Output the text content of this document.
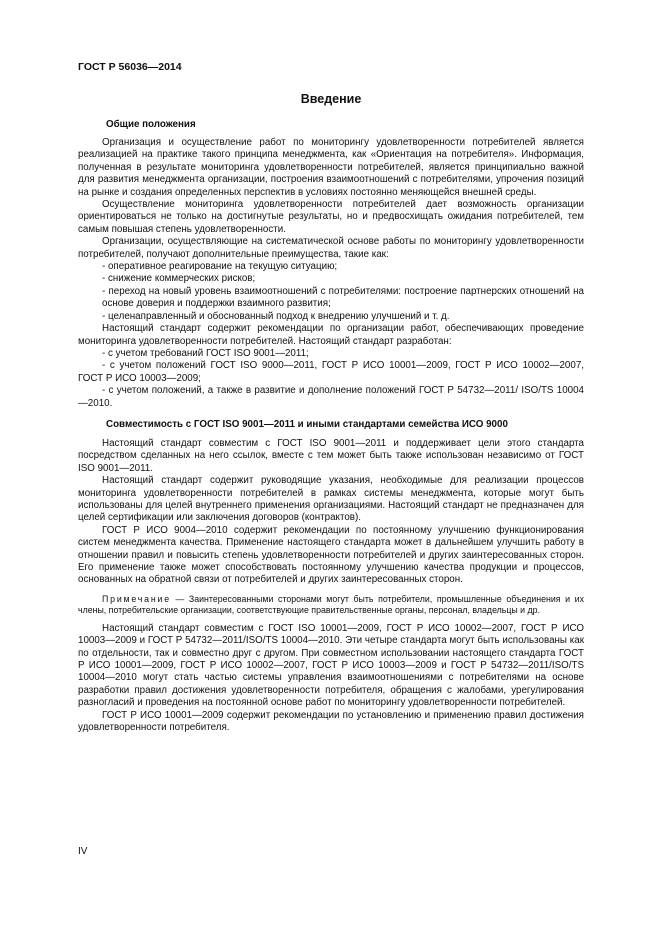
ГОСТ Р 56036—2014
Введение
Общие положения

Организация и осуществление работ по мониторингу удовлетворенности потребителей является реализацией на практике такого принципа менеджмента, как «Ориентация на потребителя». Информация, полученная в результате мониторинга удовлетворенности потребителей, является принципиально важной для развития менеджмента организации, построения взаимоотношений с потребителями, упрочения позиций на рынке и создания определенных перспектив в условиях постоянно меняющейся внешней среды.

Осуществление мониторинга удовлетворенности потребителей дает возможность организации ориентироваться не только на достигнутые результаты, но и предвосхищать ожидания потребителей, тем самым повышая степень удовлетворенности.

Организации, осуществляющие на систематической основе работы по мониторингу удовлетворенности потребителей, получают дополнительные преимущества, такие как:

- оперативное реагирование на текущую ситуацию;

- снижение коммерческих рисков;

- переход на новый уровень взаимоотношений с потребителями: построение партнерских отношений на основе доверия и поддержки взаимного развития;

- целенаправленный и обоснованный подход к внедрению улучшений и т. д.

Настоящий стандарт содержит рекомендации по организации работ, обеспечивающих проведение мониторинга удовлетворенности потребителей. Настоящий стандарт разработан:

- с учетом требований ГОСТ ISO 9001—2011;

- с учетом положений ГОСТ ISO 9000—2011, ГОСТ Р ИСО 10001—2009, ГОСТ Р ИСО 10002—2007, ГОСТ Р ИСО 10003—2009;

- с учетом положений, а также в развитие и дополнение положений ГОСТ Р 54732—2011/ ISO/TS 10004—2010.

Совместимость с ГОСТ ISO 9001—2011 и иными стандартами семейства ИСО 9000

Настоящий стандарт совместим с ГОСТ ISO 9001—2011 и поддерживает цели этого стандарта посредством сделанных на него ссылок, вместе с тем может быть также использован независимо от ГОСТ ISO 9001—2011.

Настоящий стандарт содержит руководящие указания, необходимые для реализации процессов мониторинга удовлетворенности потребителей в рамках системы менеджмента, которые могут быть использованы для целей внутреннего применения организациями. Настоящий стандарт не предназначен для целей сертификации или заключения договоров (контрактов).

ГОСТ Р ИСО 9004—2010 содержит рекомендации по постоянному улучшению функционирования систем менеджмента качества. Применение настоящего стандарта может в дальнейшем улучшить работу в отношении правил и повысить степень удовлетворенности потребителей и других заинтересованных сторон. Его применение также может способствовать постоянному улучшению качества продукции и процессов, основанных на обратной связи от потребителей и других заинтересованных сторон.

Примечание — Заинтересованными сторонами могут быть потребители, промышленные объединения и их члены, потребительские организации, соответствующие правительственные органы, персонал, владельцы и др.

Настоящий стандарт совместим с ГОСТ ISO 10001—2009, ГОСТ Р ИСО 10002—2007, ГОСТ Р ИСО 10003—2009 и ГОСТ Р 54732—2011/ISO/TS 10004—2010. Эти четыре стандарта могут быть использованы как по отдельности, так и совместно друг с другом. При совместном использовании настоящего стандарта ГОСТ Р ИСО 10001—2009, ГОСТ Р ИСО 10002—2007, ГОСТ Р ИСО 10003—2009 и ГОСТ Р 54732—2011/ISO/TS 10004—2010 могут стать частью системы управления взаимоотношениями с потребителями на основе разработки правил достижения удовлетворенности потребителя, обращения с жалобами, урегулирования разногласий и проведения на постоянной основе работ по мониторингу удовлетворенности потребителей.

ГОСТ Р ИСО 10001—2009 содержит рекомендации по установлению и применению правил достижения удовлетворенности потребителя.

IV
